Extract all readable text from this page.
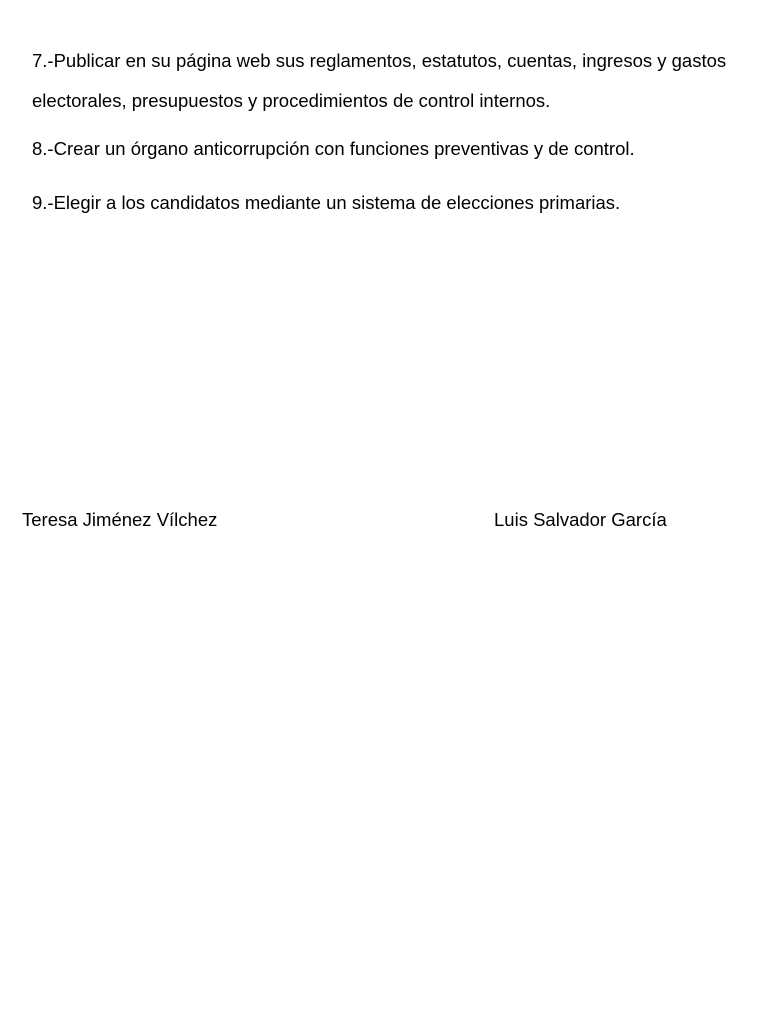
7.-Publicar en su página web sus reglamentos, estatutos, cuentas, ingresos y gastos electorales, presupuestos y procedimientos de control internos.

8.-Crear un órgano anticorrupción con funciones preventivas y de control.

9.-Elegir a los candidatos mediante un sistema de elecciones primarias.

Teresa Jiménez Vílchez	Luis Salvador García
